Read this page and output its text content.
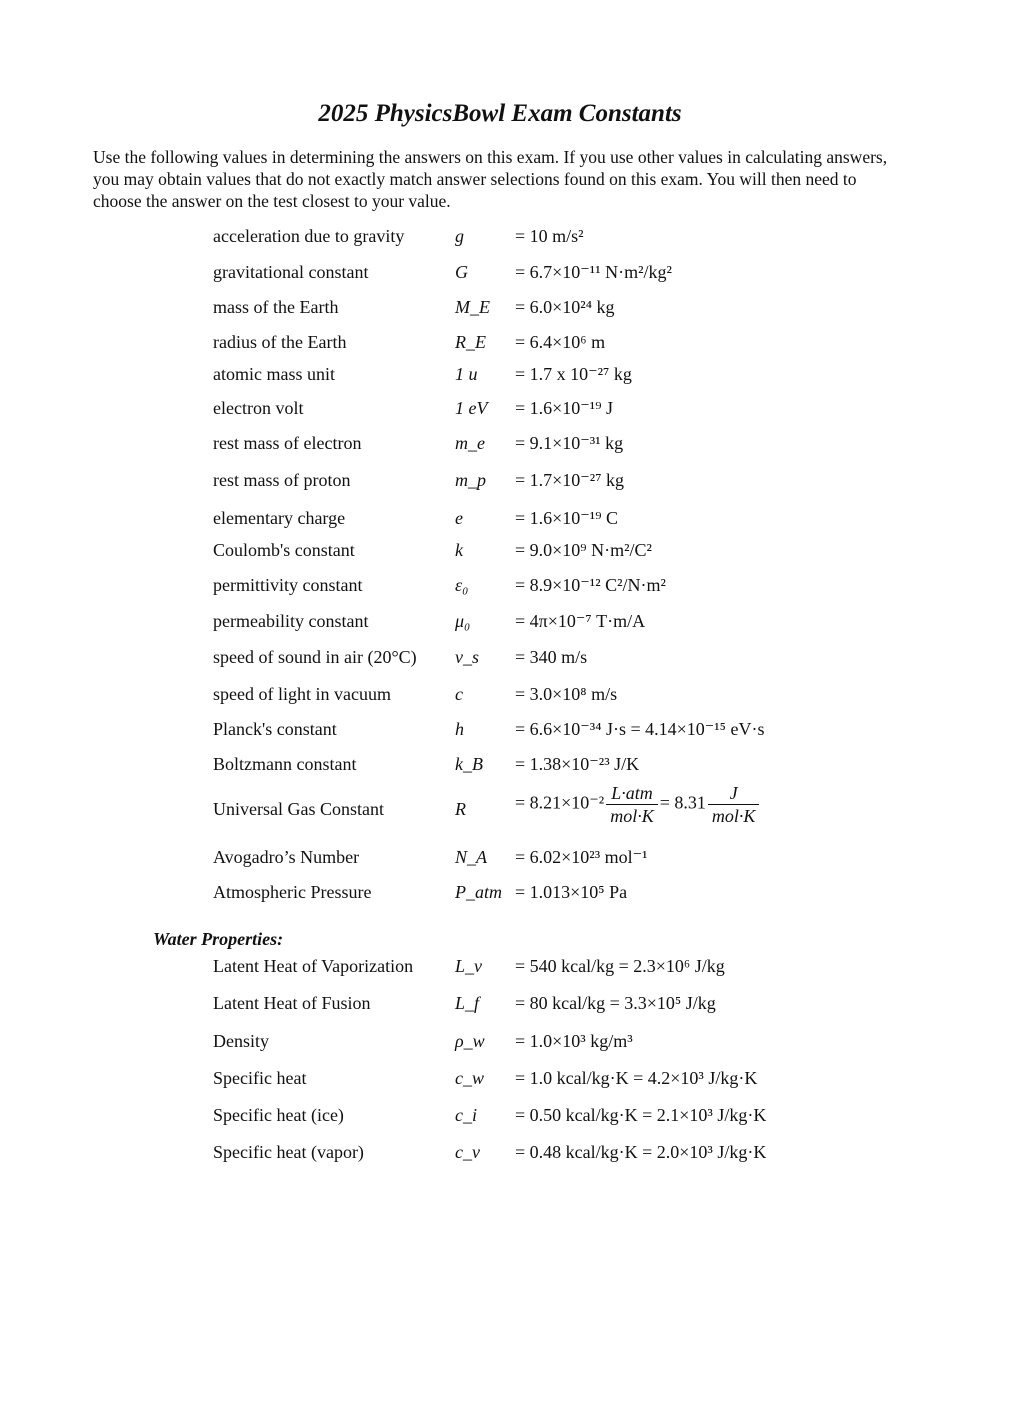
2025 PhysicsBowl Exam Constants
Use the following values in determining the answers on this exam. If you use other values in calculating answers, you may obtain values that do not exactly match answer selections found on this exam. You will then need to choose the answer on the test closest to your value.
acceleration due to gravity	g	= 10 m/s²
gravitational constant	G	= 6.7×10⁻¹¹ N·m²/kg²
mass of the Earth	M_E = 6.0×10²⁴ kg
radius of the Earth	R_E = 6.4×10⁶ m
atomic mass unit	1 u = 1.7 x 10⁻²⁷ kg
electron volt	1 eV = 1.6×10⁻¹⁹ J
rest mass of electron	m_e = 9.1×10⁻³¹ kg
rest mass of proton	m_p = 1.7×10⁻²⁷ kg
elementary charge	e	= 1.6×10⁻¹⁹ C
Coulomb's constant	k	= 9.0×10⁹ N·m²/C²
permittivity constant	ε₀	= 8.9×10⁻¹² C²/N·m²
permeability constant	μ₀ = 4π×10⁻⁷ T·m/A
speed of sound in air (20°C) v_s = 340 m/s
speed of light in vacuum	c	= 3.0×10⁸ m/s
Planck's constant	h	= 6.6×10⁻³⁴ J·s = 4.14×10⁻¹⁵ eV·s
Boltzmann constant	k_B = 1.38×10⁻²³ J/K
Universal Gas Constant	R	= $8.21\times 10^{-2} \frac{\text{L·atm}}{\text{mol·K}} = 8.31 \frac{J}{\text{mol·K}}$
Avogadro’s Number	N_A = 6.02×10²³ mol⁻¹
Atmospheric Pressure	P_atm = 1.013×10⁵ Pa
Water Properties:
Latent Heat of Vaporization L_v = 540 kcal/kg = 2.3×10⁶ J/kg
Latent Heat of Fusion	L_f = 80 kcal/kg = 3.3×10⁵ J/kg
Density	ρ_w = 1.0×10³ kg/m³
Specific heat	c_w = 1.0 kcal/kg·K = 4.2×10³ J/kg·K
Specific heat (ice)	c_i = 0.50 kcal/kg·K = 2.1×10³ J/kg·K
Specific heat (vapor)	c_v = 0.48 kcal/kg·K = 2.0×10³ J/kg·K
